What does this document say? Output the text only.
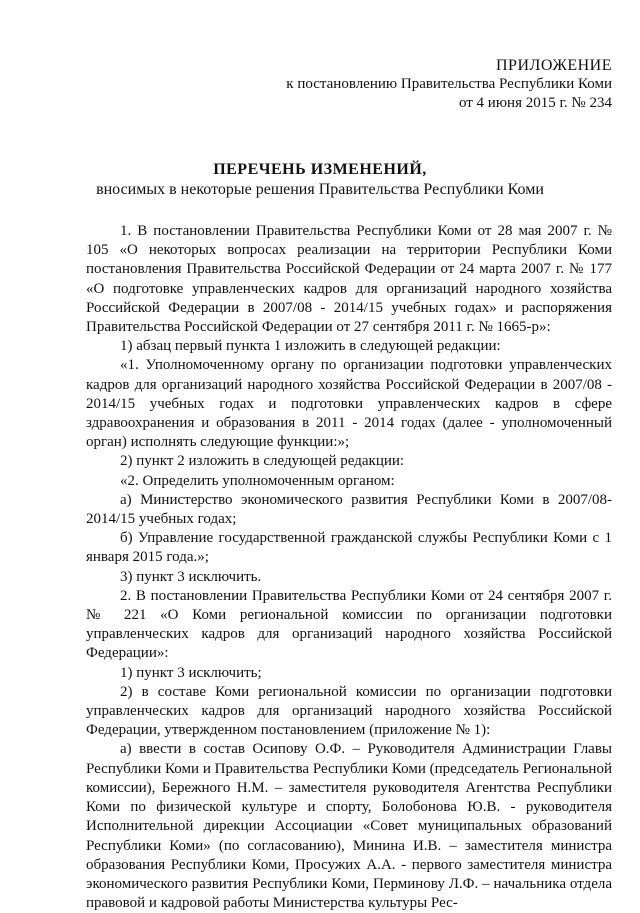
ПРИЛОЖЕНИЕ
к постановлению Правительства Республики Коми
от 4 июня 2015 г. № 234
ПЕРЕЧЕНЬ ИЗМЕНЕНИЙ,
вносимых в некоторые решения Правительства Республики Коми

1. В постановлении Правительства Республики Коми от 28 мая 2007 г. № 105 «О некоторых вопросах реализации на территории Республики Коми постановления Правительства Российской Федерации от 24 марта 2007 г. № 177 «О подготовке управленческих кадров для организаций народного хозяйства Российской Федерации в 2007/08 - 2014/15 учебных годах» и распоряжения Правительства Российской Федерации от 27 сентября 2011 г. № 1665-р»:

1) абзац первый пункта 1 изложить в следующей редакции:

«1. Уполномоченному органу по организации подготовки управленческих кадров для организаций народного хозяйства Российской Федерации в 2007/08 - 2014/15 учебных годах и подготовки управленческих кадров в сфере здравоохранения и образования в 2011 - 2014 годах (далее - уполномоченный орган) исполнять следующие функции:»;

2) пункт 2 изложить в следующей редакции:

«2. Определить уполномоченным органом:

а) Министерство экономического развития Республики Коми в 2007/08-2014/15 учебных годах;

б) Управление государственной гражданской службы Республики Коми с 1 января 2015 года.»;

3) пункт 3 исключить.

2. В постановлении Правительства Республики Коми от 24 сентября 2007 г. № 221 «О Коми региональной комиссии по организации подготовки управленческих кадров для организаций народного хозяйства Российской Федерации»:

1) пункт 3 исключить;

2) в составе Коми региональной комиссии по организации подготовки управленческих кадров для организаций народного хозяйства Российской Федерации, утвержденном постановлением (приложение № 1):

а) ввести в состав Осипову О.Ф. – Руководителя Администрации Главы Республики Коми и Правительства Республики Коми (председатель Региональной комиссии), Бережного Н.М. – заместителя руководителя Агентства Республики Коми по физической культуре и спорту, Болобонова Ю.В. - руководителя Исполнительной дирекции Ассоциации «Совет муниципальных образований Республики Коми» (по согласованию), Минина И.В. – заместителя министра образования Республики Коми, Просужих А.А. - первого заместителя министра экономического развития Республики Коми, Перминову Л.Ф. – начальника отдела правовой и кадровой работы Министерства культуры Рес-
